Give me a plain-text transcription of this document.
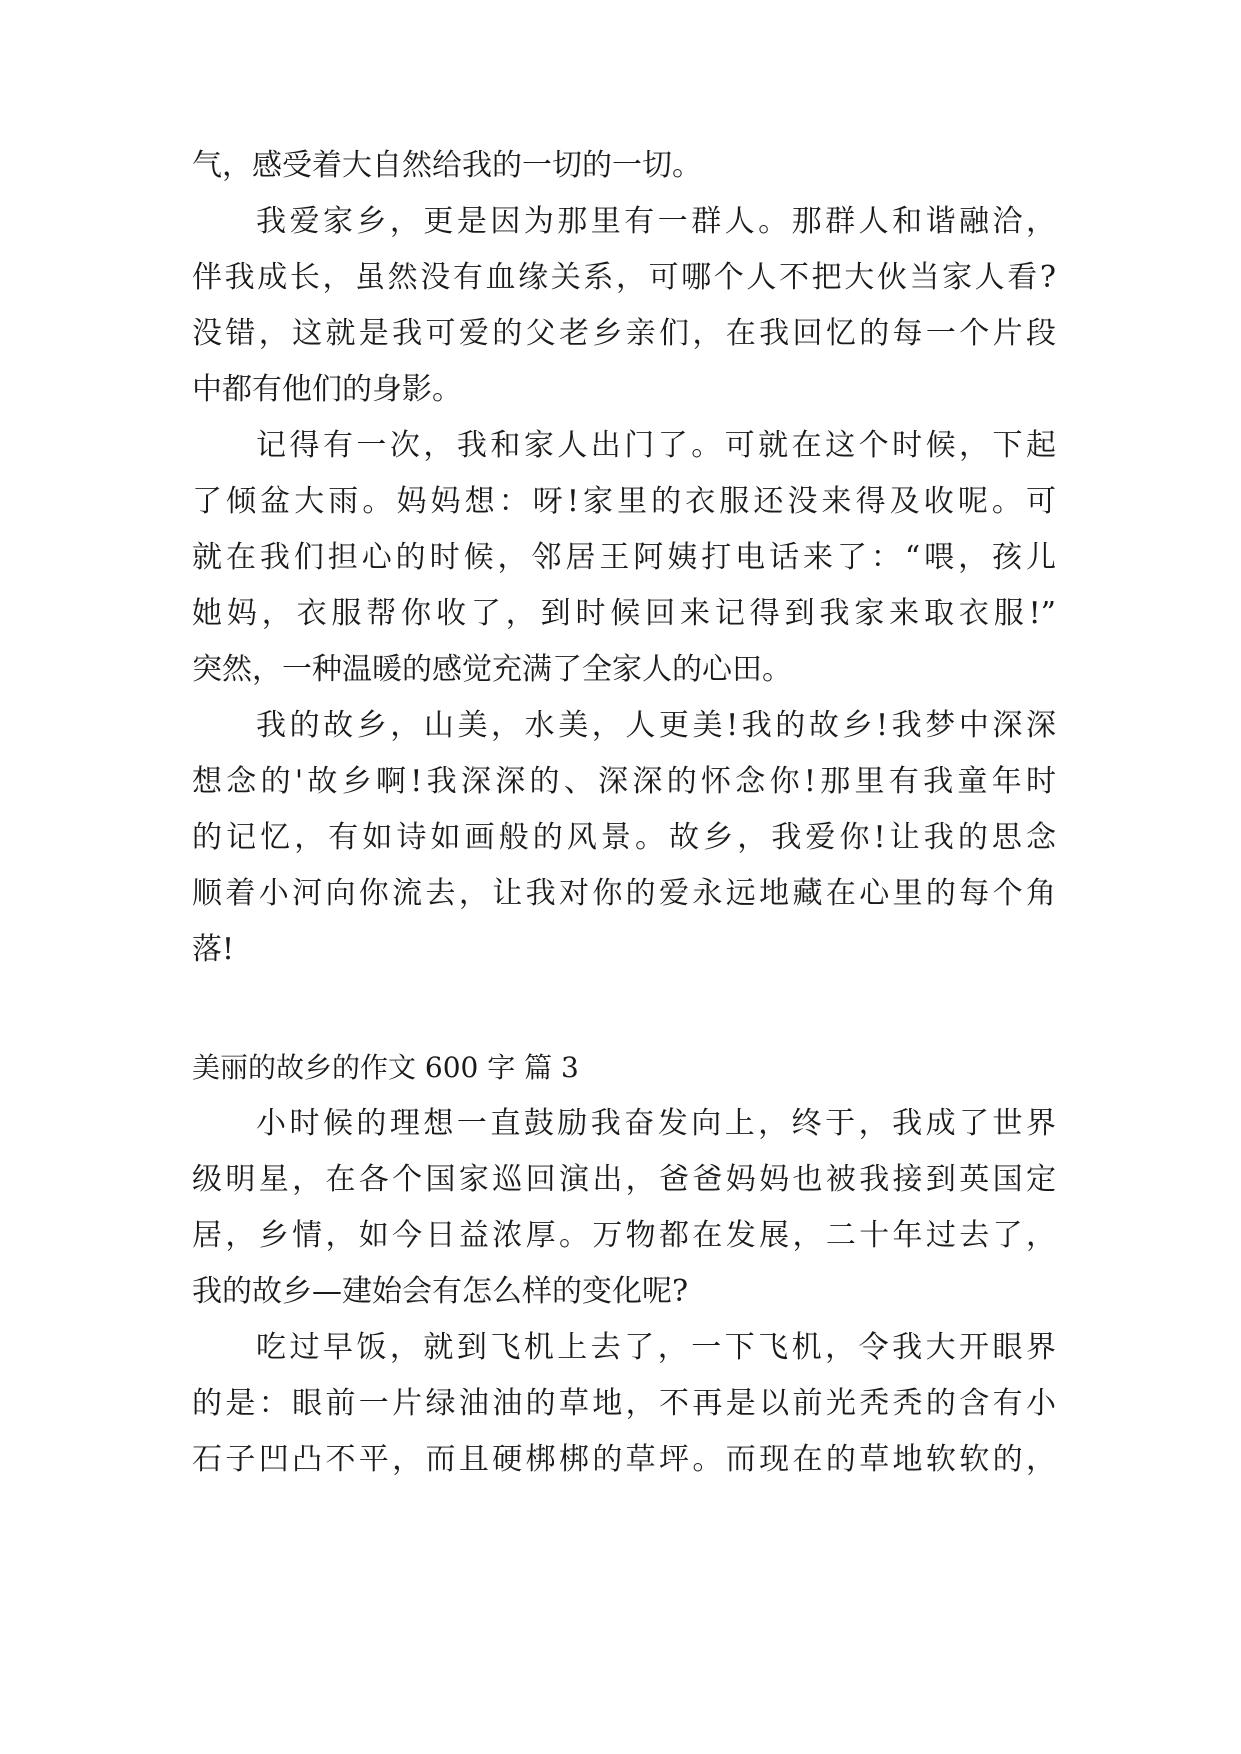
气，感受着大自然给我的一切的一切。
我爱家乡，更是因为那里有一群人。那群人和谐融洽，
伴我成长，虽然没有血缘关系，可哪个人不把大伙当家人看?
没错，这就是我可爱的父老乡亲们，在我回忆的每一个片段
中都有他们的身影。
记得有一次，我和家人出门了。可就在这个时候，下起
了倾盆大雨。妈妈想：呀!家里的衣服还没来得及收呢。可
就在我们担心的时候，邻居王阿姨打电话来了：“喂，孩儿
她妈，衣服帮你收了，到时候回来记得到我家来取衣服!”
突然，一种温暖的感觉充满了全家人的心田。
我的故乡，山美，水美，人更美!我的故乡!我梦中深深
想念的'故乡啊!我深深的、深深的怀念你!那里有我童年时
的记忆，有如诗如画般的风景。故乡，我爱你!让我的思念
顺着小河向你流去，让我对你的爱永远地藏在心里的每个角
落!
美丽的故乡的作文 600 字 篇 3
小时候的理想一直鼓励我奋发向上，终于，我成了世界
级明星，在各个国家巡回演出，爸爸妈妈也被我接到英国定
居，乡情，如今日益浓厚。万物都在发展，二十年过去了，
我的故乡—建始会有怎么样的变化呢?
吃过早饭，就到飞机上去了，一下飞机，令我大开眼界
的是：眼前一片绿油油的草地，不再是以前光秃秃的含有小
石子凹凸不平，而且硬梆梆的草坪。而现在的草地软软的，
